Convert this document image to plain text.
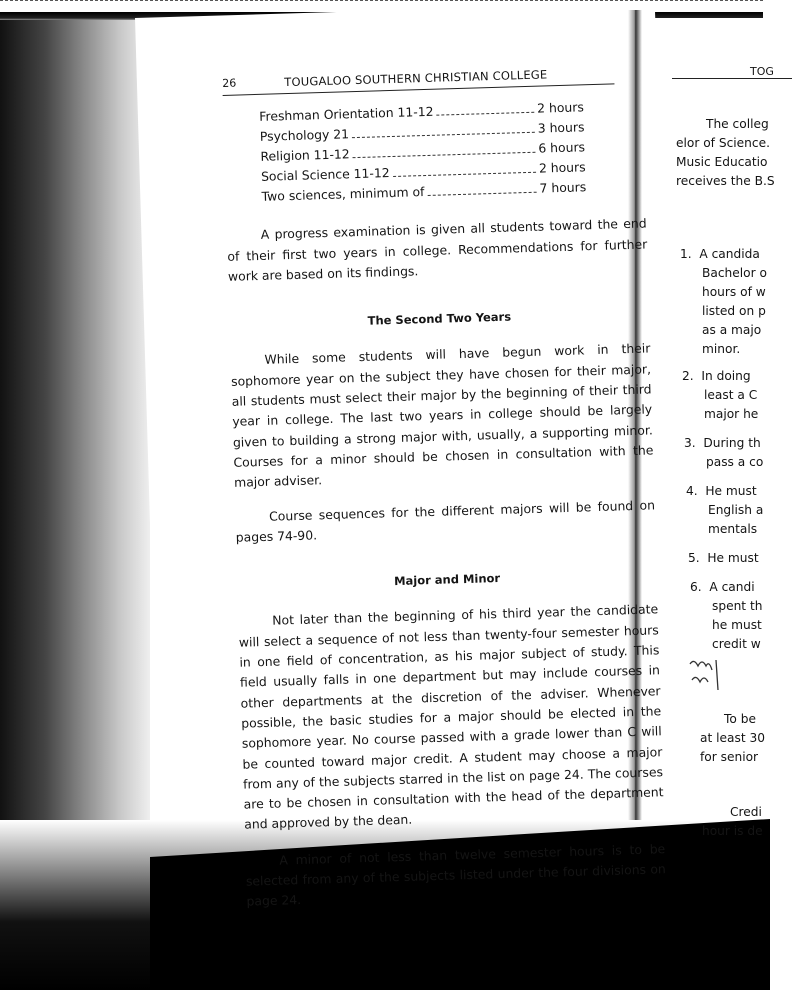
26	TOUGALOO SOUTHERN CHRISTIAN COLLEGE
Freshman Orientation 11-12	2 hours
Psychology 21	3 hours
Religion 11-12	6 hours
Social Science 11-12	2 hours
Two sciences, minimum of	7 hours

A progress examination is given all students toward the end of their first two years in college. Recommendations for further work are based on its findings.

The Second Two Years

While some students will have begun work in their sophomore year on the subject they have chosen for their major, all students must select their major by the beginning of their third year in college. The last two years in college should be largely given to building a strong major with, usually, a supporting minor. Courses for a minor should be chosen in consultation with the major adviser.

Course sequences for the different majors will be found on pages 74-90.

Major and Minor

Not later than the beginning of his third year the candidate will select a sequence of not less than twenty-four semester hours in one field of concentration, as his major subject of study. This field usually falls in one department but may include courses in other departments at the discretion of the adviser. Whenever possible, the basic studies for a major should be elected in the sophomore year. No course passed with a grade lower than C will be counted toward major credit. A student may choose a major from any of the subjects starred in the list on page 24. The courses are to be chosen in consultation with the head of the department and approved by the dean.

A minor of not less than twelve semester hours is to be selected from any of the subjects listed under the four divisions on page 24.

TOG
The colleg
elor of Science.
Music Educatio
receives the B.S
1. A candida
Bachelor o
hours of w
listed on p
as a majo
minor.
2. In doing
least a C
major he
3. During th
pass a co
4. He must
English a
mentals
5. He must
6. A candi
spent th
he must
credit w
To be
at least 30
for senior
Credi
hour is de
